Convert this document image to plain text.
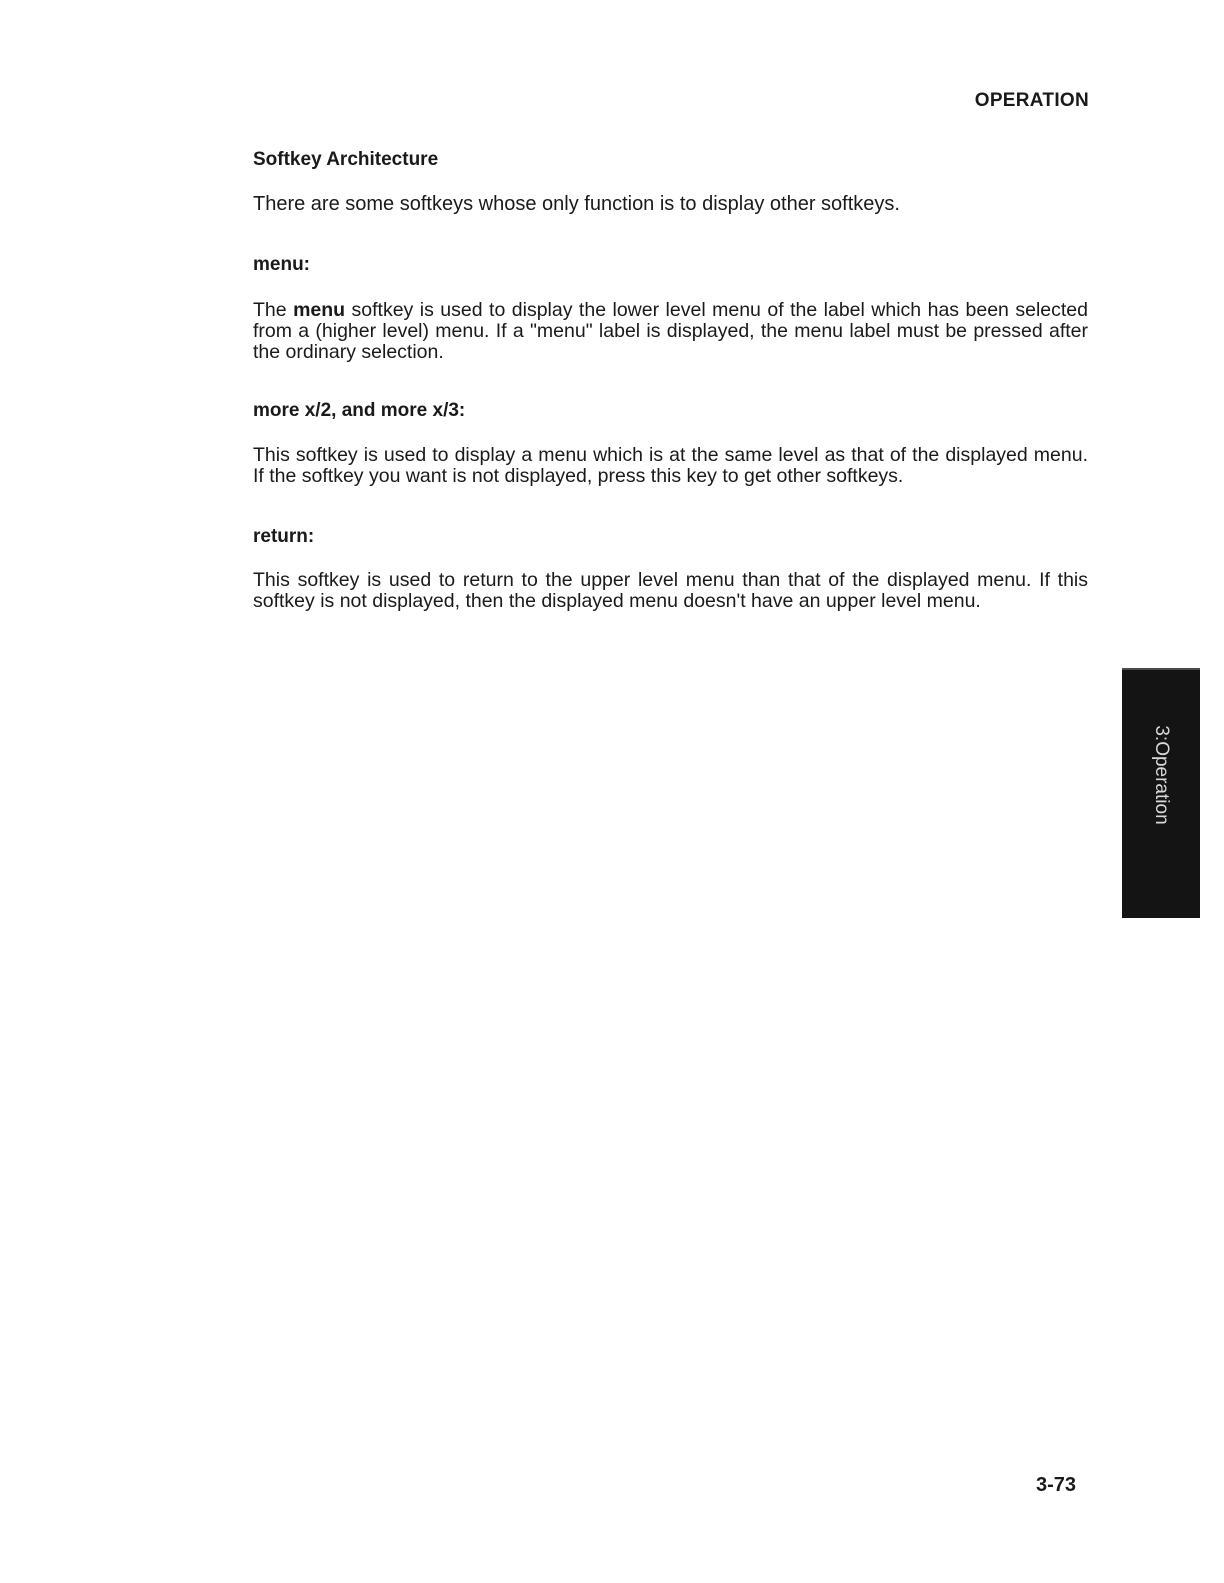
OPERATION
Softkey Architecture

There are some softkeys whose only function is to display other softkeys.

menu:

The menu softkey is used to display the lower level menu of the label which has been selected from a (higher level) menu. If a "menu" label is displayed, the menu label must be pressed after the ordinary selection.

more x/2, and more x/3:

This softkey is used to display a menu which is at the same level as that of the displayed menu. If the softkey you want is not displayed, press this key to get other softkeys.

return:

This softkey is used to return to the upper level menu than that of the displayed menu. If this softkey is not displayed, then the displayed menu doesn't have an upper level menu.

3:Operation
3-73
